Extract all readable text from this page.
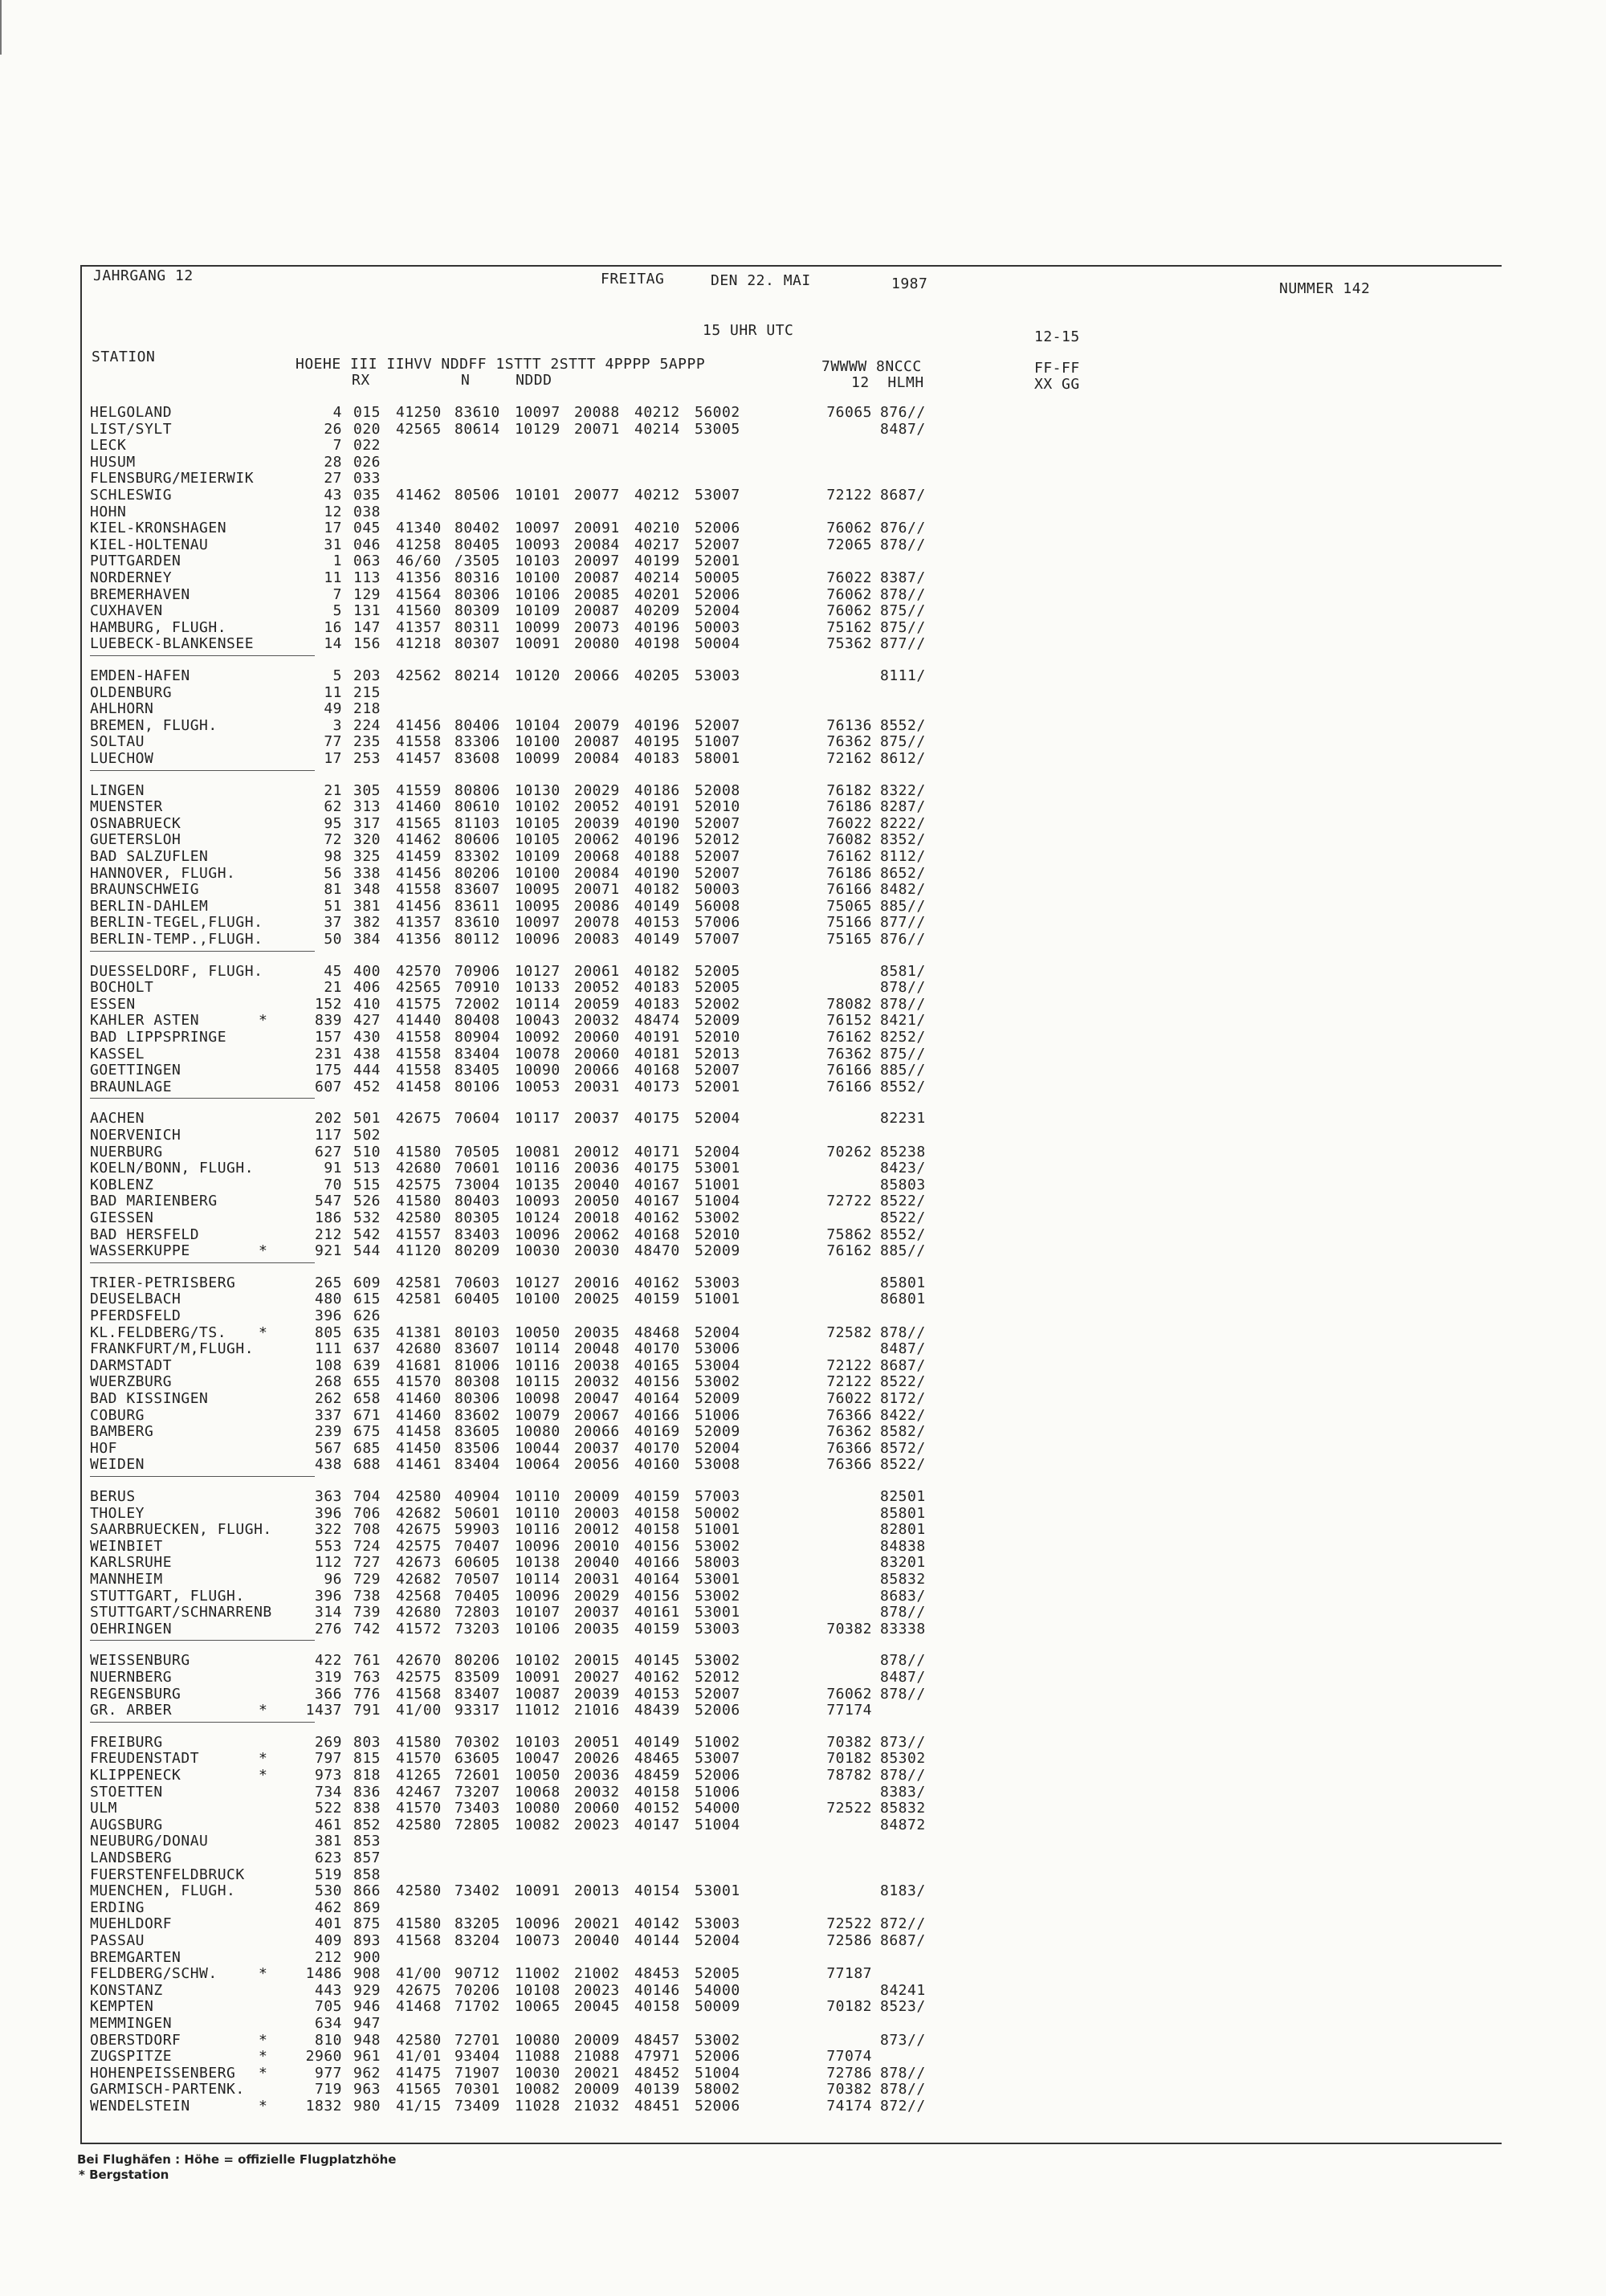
JAHRGANG 12	FREITAG	DEN 22. MAI	1987	NUMMER 142
15 UHR UTC	12-15
STATION	HOEHE III IIHVV NDDFF 1STTT 2STTT 4PPPP 5APPP
RX          N     NDDD
7WWWW 8NCCC
12  HLMH
FF-FF
XX GG
HELGOLAND	4 015 41250 83610 10097 20088 40212 56002	76065 876//
LIST/SYLT	26 020 42565 80614 10129 20071 40214 53005	8487/
LECK	7 022
HUSUM	28 026
FLENSBURG/MEIERWIK	27 033
SCHLESWIG	43 035 41462 80506 10101 20077 40212 53007	72122 8687/
HOHN	12 038
KIEL-KRONSHAGEN	17 045 41340 80402 10097 20091 40210 52006	76062 876//
KIEL-HOLTENAU	31 046 41258 80405 10093 20084 40217 52007	72065 878//
PUTTGARDEN	1 063 46/60 /3505 10103 20097 40199 52001
NORDERNEY	11 113 41356 80316 10100 20087 40214 50005	76022 8387/
BREMERHAVEN	7 129 41564 80306 10106 20085 40201 52006	76062 878//
CUXHAVEN	5 131 41560 80309 10109 20087 40209 52004	76062 875//
HAMBURG, FLUGH.	16 147 41357 80311 10099 20073 40196 50003	75162 875//
LUEBECK-BLANKENSEE	14 156 41218 80307 10091 20080 40198 50004	75362 877//
EMDEN-HAFEN	5 203 42562 80214 10120 20066 40205 53003	8111/
OLDENBURG	11 215
AHLHORN	49 218
BREMEN, FLUGH.	3 224 41456 80406 10104 20079 40196 52007	76136 8552/
SOLTAU	77 235 41558 83306 10100 20087 40195 51007	76362 875//
LUECHOW	17 253 41457 83608 10099 20084 40183 58001	72162 8612/
LINGEN	21 305 41559 80806 10130 20029 40186 52008	76182 8322/
MUENSTER	62 313 41460 80610 10102 20052 40191 52010	76186 8287/
OSNABRUECK	95 317 41565 81103 10105 20039 40190 52007	76022 8222/
GUETERSLOH	72 320 41462 80606 10105 20062 40196 52012	76082 8352/
BAD SALZUFLEN	98 325 41459 83302 10109 20068 40188 52007	76162 8112/
HANNOVER, FLUGH.	56 338 41456 80206 10100 20084 40190 52007	76186 8652/
BRAUNSCHWEIG	81 348 41558 83607 10095 20071 40182 50003	76166 8482/
BERLIN-DAHLEM	51 381 41456 83611 10095 20086 40149 56008	75065 885//
BERLIN-TEGEL,FLUGH.	37 382 41357 83610 10097 20078 40153 57006	75166 877//
BERLIN-TEMP.,FLUGH.	50 384 41356 80112 10096 20083 40149 57007	75165 876//
DUESSELDORF, FLUGH.	45 400 42570 70906 10127 20061 40182 52005	8581/
BOCHOLT	21 406 42565 70910 10133 20052 40183 52005	878//
ESSEN	152 410 41575 72002 10114 20059 40183 52002	78082 878//
KAHLER ASTEN	*	839 427 41440 80408 10043 20032 48474 52009	76152 8421/
BAD LIPPSPRINGE	157 430 41558 80904 10092 20060 40191 52010	76162 8252/
KASSEL	231 438 41558 83404 10078 20060 40181 52013	76362 875//
GOETTINGEN	175 444 41558 83405 10090 20066 40168 52007	76166 885//
BRAUNLAGE	607 452 41458 80106 10053 20031 40173 52001	76166 8552/
AACHEN	202 501 42675 70604 10117 20037 40175 52004	82231
NOERVENICH	117 502
NUERBURG	627 510 41580 70505 10081 20012 40171 52004	70262 85238
KOELN/BONN, FLUGH.	91 513 42680 70601 10116 20036 40175 53001	8423/
KOBLENZ	70 515 42575 73004 10135 20040 40167 51001	85803
BAD MARIENBERG	547 526 41580 80403 10093 20050 40167 51004	72722 8522/
GIESSEN	186 532 42580 80305 10124 20018 40162 53002	8522/
BAD HERSFELD	212 542 41557 83403 10096 20062 40168 52010	75862 8552/
WASSERKUPPE	*	921 544 41120 80209 10030 20030 48470 52009	76162 885//
TRIER-PETRISBERG	265 609 42581 70603 10127 20016 40162 53003	85801
DEUSELBACH	480 615 42581 60405 10100 20025 40159 51001	86801
PFERDSFELD	396 626
KL.FELDBERG/TS. *	805 635 41381 80103 10050 20035 48468 52004	72582 878//
FRANKFURT/M,FLUGH.	111 637 42680 83607 10114 20048 40170 53006	8487/
DARMSTADT	108 639 41681 81006 10116 20038 40165 53004	72122 8687/
WUERZBURG	268 655 41570 80308 10115 20032 40156 53002	72122 8522/
BAD KISSINGEN	262 658 41460 80306 10098 20047 40164 52009	76022 8172/
COBURG	337 671 41460 83602 10079 20067 40166 51006	76366 8422/
BAMBERG	239 675 41458 83605 10080 20066 40169 52009	76362 8582/
HOF	567 685 41450 83506 10044 20037 40170 52004	76366 8572/
WEIDEN	438 688 41461 83404 10064 20056 40160 53008	76366 8522/
BERUS	363 704 42580 40904 10110 20009 40159 57003	82501
THOLEY	396 706 42682 50601 10110 20003 40158 50002	85801
SAARBRUECKEN, FLUGH.	322 708 42675 59903 10116 20012 40158 51001	82801
WEINBIET	553 724 42575 70407 10096 20010 40156 53002	84838
KARLSRUHE	112 727 42673 60605 10138 20040 40166 58003	83201
MANNHEIM	96 729 42682 70507 10114 20031 40164 53001	85832
STUTTGART, FLUGH.	396 738 42568 70405 10096 20029 40156 53002	8683/
STUTTGART/SCHNARRENB	314 739 42680 72803 10107 20037 40161 53001	878//
OEHRINGEN	276 742 41572 73203 10106 20035 40159 53003	70382 83338
WEISSENBURG	422 761 42670 80206 10102 20015 40145 53002	878//
NUERNBERG	319 763 42575 83509 10091 20027 40162 52012	8487/
REGENSBURG	366 776 41568 83407 10087 20039 40153 52007	76062 878//
GR. ARBER	*	1437 791 41/00 93317 11012 21016 48439 52006	77174
FREIBURG	269 803 41580 70302 10103 20051 40149 51002	70382 873//
FREUDENSTADT	*	797 815 41570 63605 10047 20026 48465 53007	70182 85302
KLIPPENECK	*	973 818 41265 72601 10050 20036 48459 52006	78782 878//
STOETTEN	734 836 42467 73207 10068 20032 40158 51006	8383/
ULM	522 838 41570 73403 10080 20060 40152 54000	72522 85832
AUGSBURG	461 852 42580 72805 10082 20023 40147 51004	84872
NEUBURG/DONAU	381 853
LANDSBERG	623 857
FUERSTENFELDBRUCK	519 858
MUENCHEN, FLUGH.	530 866 42580 73402 10091 20013 40154 53001	8183/
ERDING	462 869
MUEHLDORF	401 875 41580 83205 10096 20021 40142 53003	72522 872//
PASSAU	409 893 41568 83204 10073 20040 40144 52004	72586 8687/
BREMGARTEN	212 900
FELDBERG/SCHW.	*	1486 908 41/00 90712 11002 21002 48453 52005	77187
KONSTANZ	443 929 42675 70206 10108 20023 40146 54000	84241
KEMPTEN	705 946 41468 71702 10065 20045 40158 50009	70182 8523/
MEMMINGEN	634 947
OBERSTDORF	*	810 948 42580 72701 10080 20009 48457 53002	873//
ZUGSPITZE	*	2960 961 41/01 93404 11088 21088 47971 52006	77074
HOHENPEISSENBERG *	977 962 41475 71907 10030 20021 48452 51004	72786 878//
GARMISCH-PARTENK.	719 963 41565 70301 10082 20009 40139 58002	70382 878//
WENDELSTEIN	*	1832 980 41/15 73409 11028 21032 48451 52006	74174 872//
Bei Flughäfen : Höhe = offizielle Flugplatzhöhe
* Bergstation
